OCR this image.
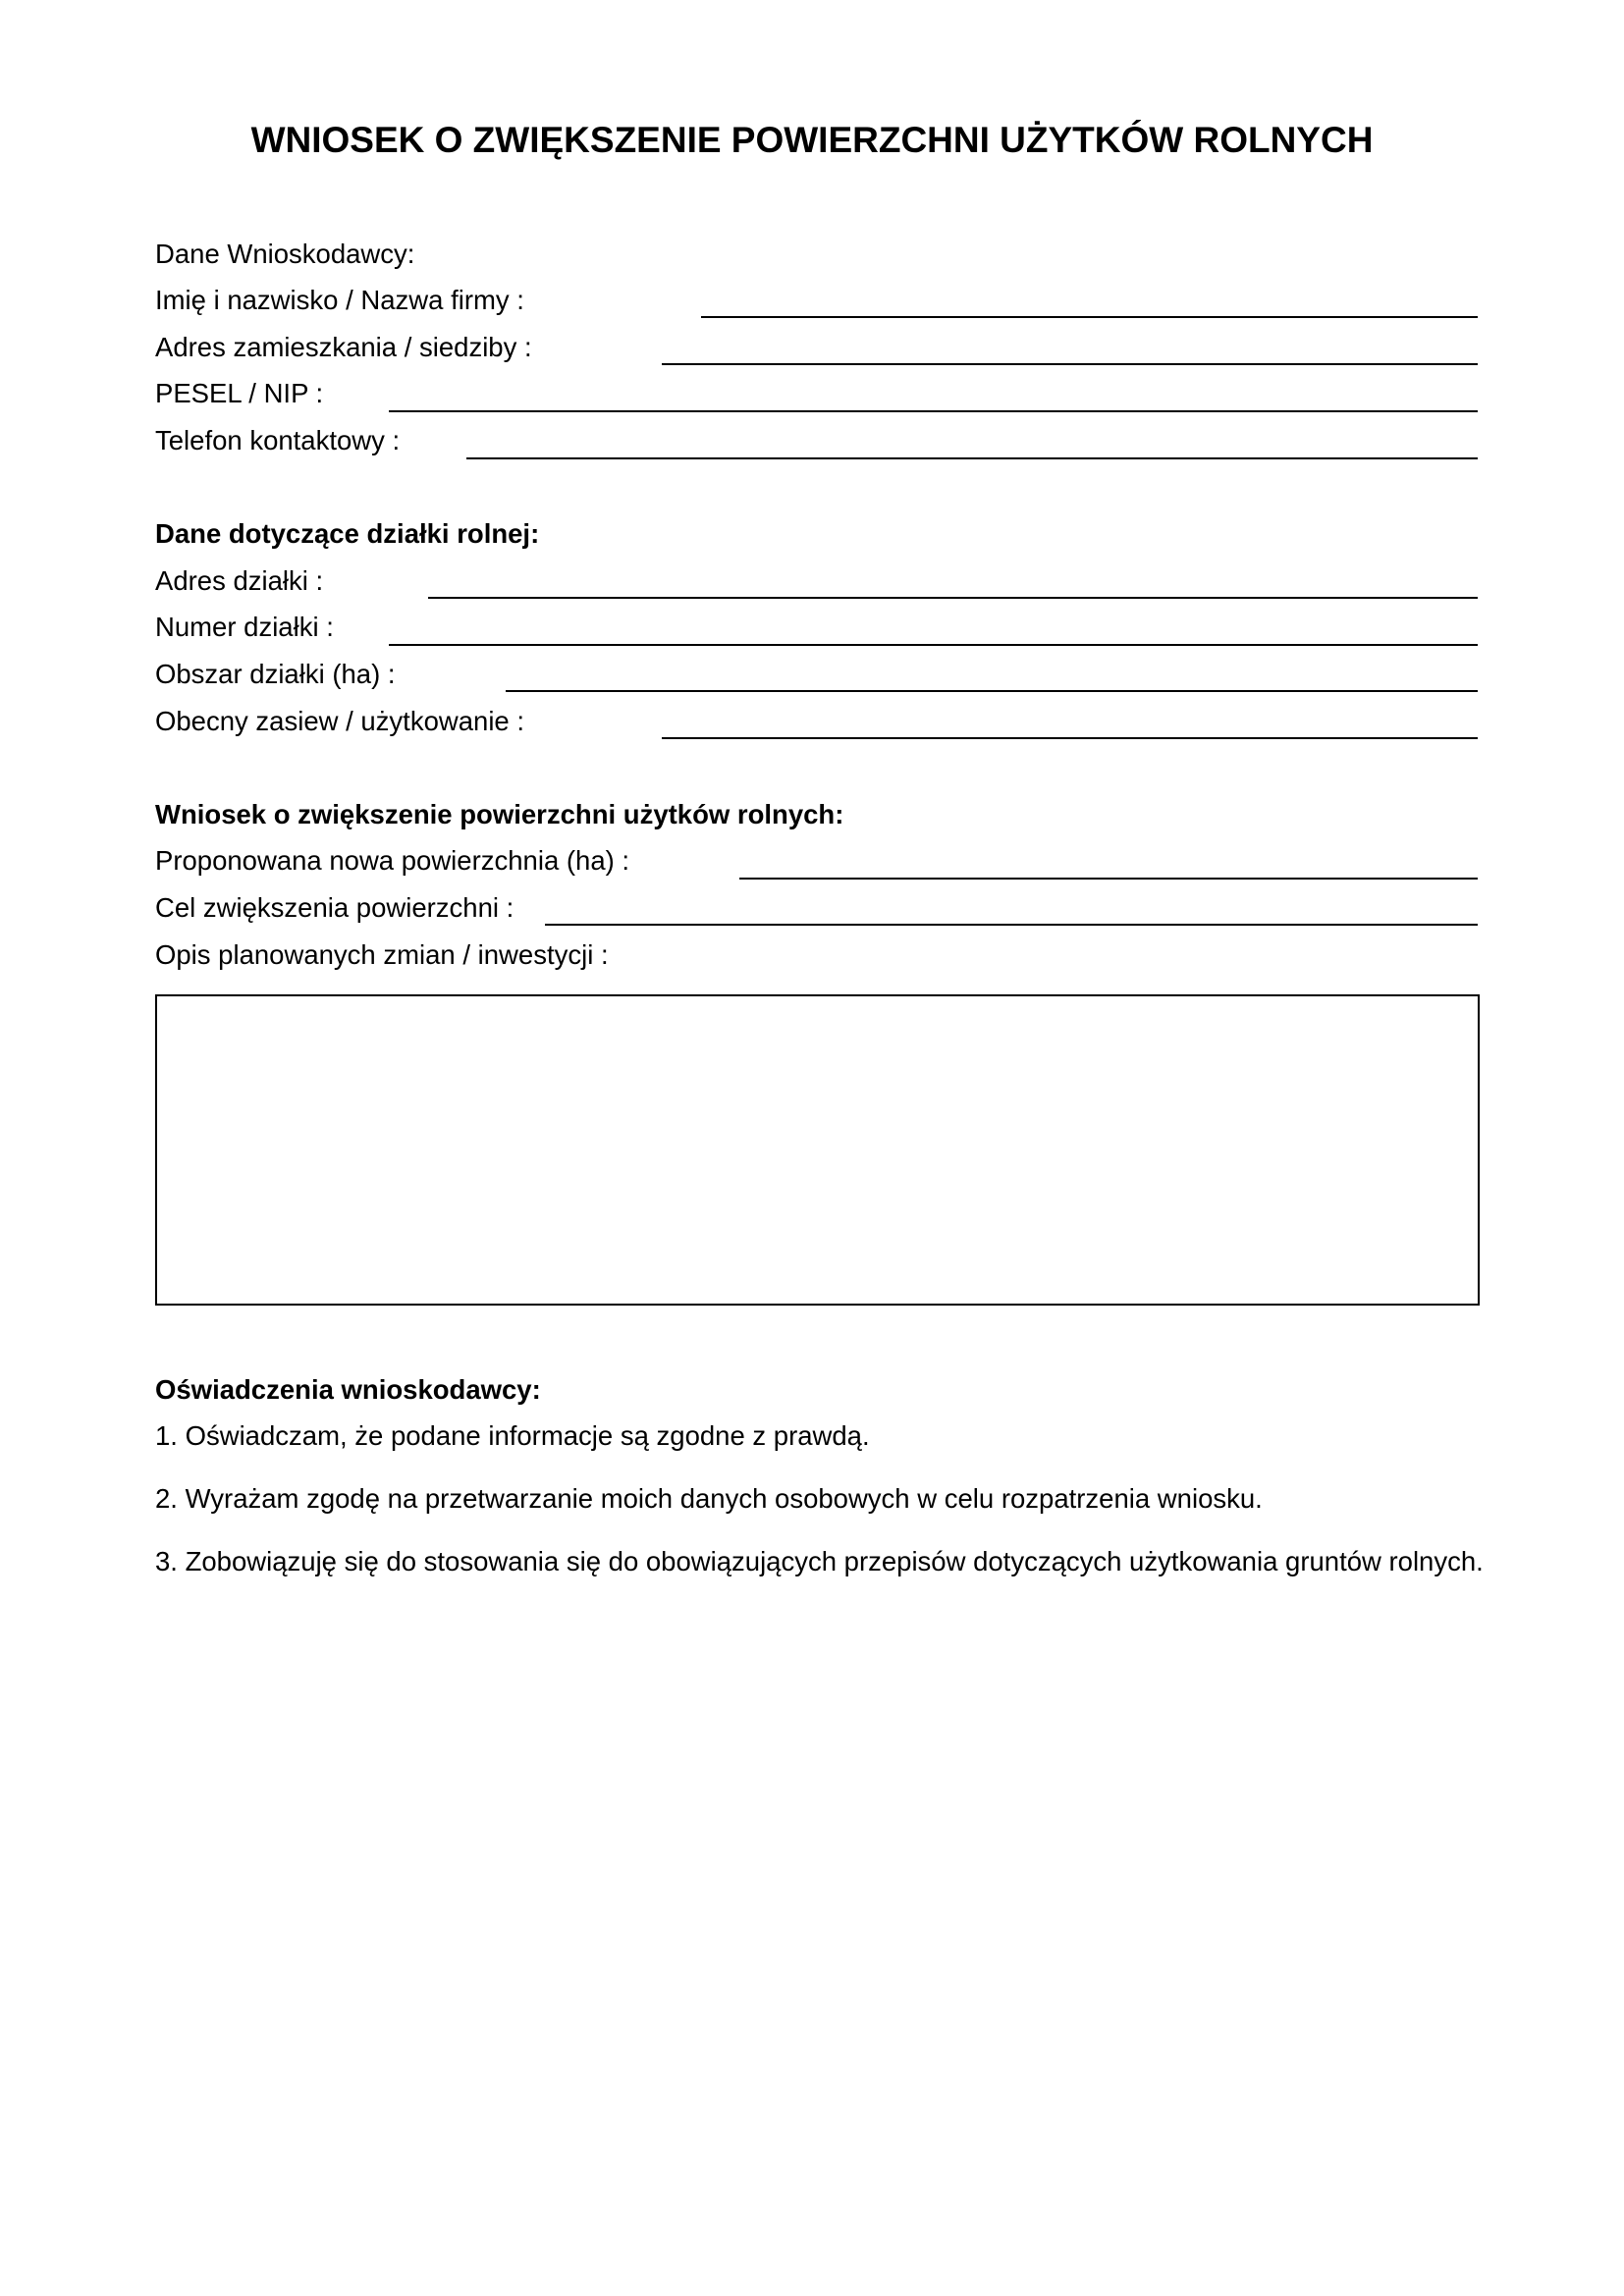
WNIOSEK O ZWIĘKSZENIE POWIERZCHNI UŻYTKÓW ROLNYCH
Dane Wnioskodawcy:
Imię i nazwisko / Nazwa firmy :
Adres zamieszkania / siedziby :
PESEL / NIP :
Telefon kontaktowy :
Dane dotyczące działki rolnej:
Adres działki :
Numer działki :
Obszar działki (ha) :
Obecny zasiew / użytkowanie :
Wniosek o zwiększenie powierzchni użytków rolnych:
Proponowana nowa powierzchnia (ha) :
Cel zwiększenia powierzchni :
Opis planowanych zmian / inwestycji :
Oświadczenia wnioskodawcy:
1. Oświadczam, że podane informacje są zgodne z prawdą.
2. Wyrażam zgodę na przetwarzanie moich danych osobowych w celu rozpatrzenia wniosku.
3. Zobowiązuję się do stosowania się do obowiązujących przepisów dotyczących użytkowania gruntów rolnych.
